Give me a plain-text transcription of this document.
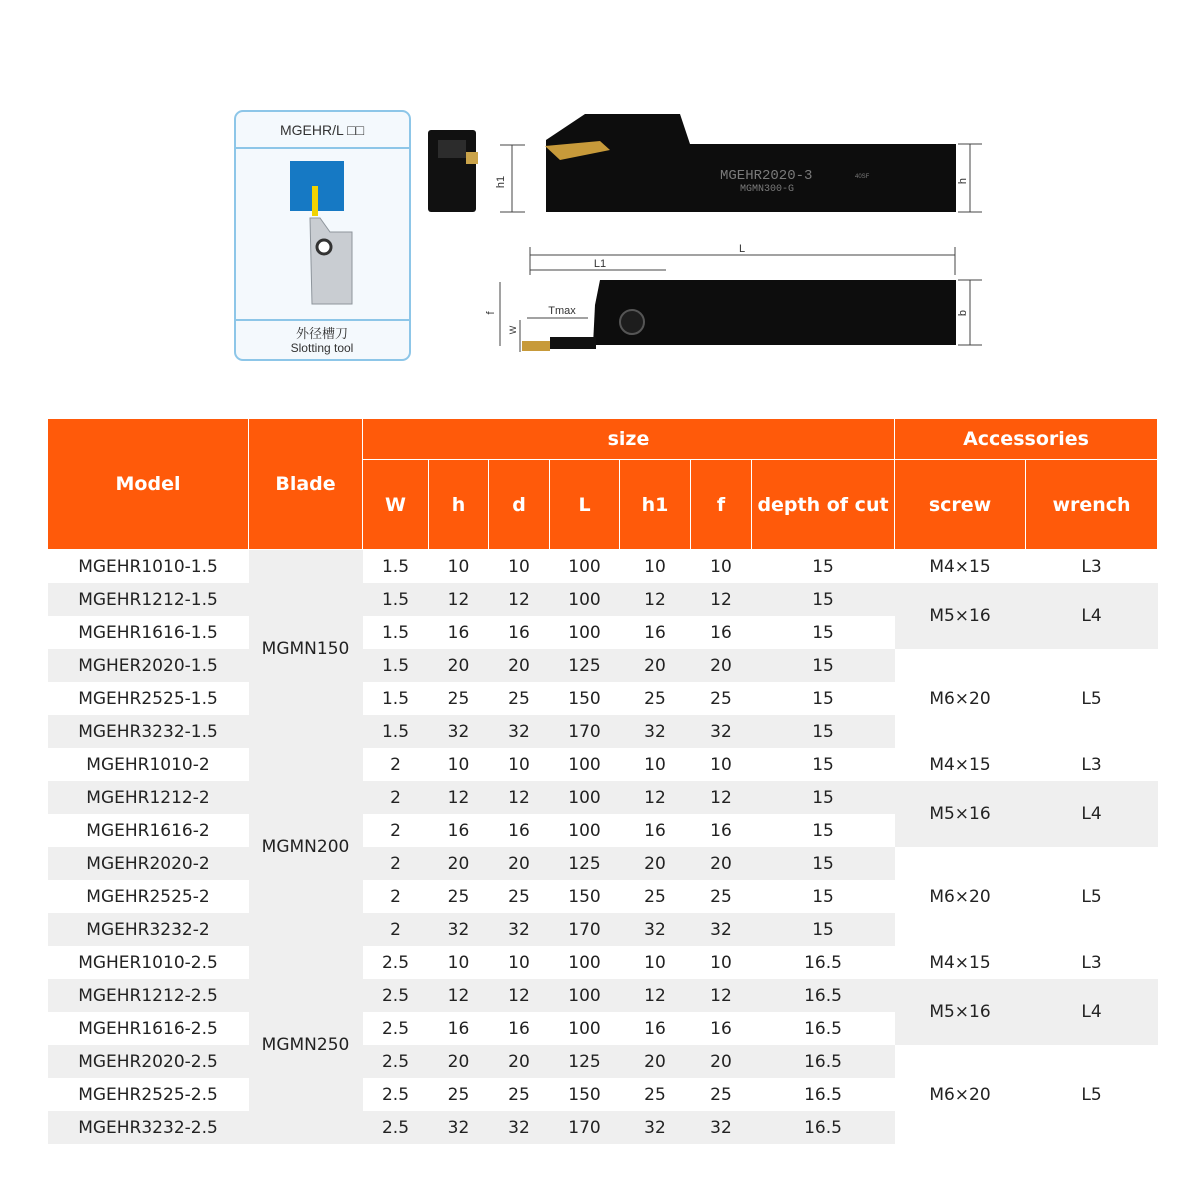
MGEHR/L □□
外径槽刀
Slotting tool
h1	MGEHR2020-3
MGMN300-G
40SF
h
L
L1
Tmax
f
W
b
Model	Blade	size							Accessories	
		W	h	d	L	h1	f	depth of cut	screw	wrench
MGEHR1010-1.5	MGMN150	1.5	10	10	100	10	10	15	M4×15	L3
MGEHR1212-1.5		1.5	12	12	100	12	12	15	M5×16	L4
MGEHR1616-1.5		1.5	16	16	100	16	16	15		
MGHER2020-1.5		1.5	20	20	125	20	20	15	M6×20	L5
MGEHR2525-1.5		1.5	25	25	150	25	25	15		
MGEHR3232-1.5		1.5	32	32	170	32	32	15		
MGEHR1010-2	MGMN200	2	10	10	100	10	10	15	M4×15	L3
MGEHR1212-2		2	12	12	100	12	12	15	M5×16	L4
MGEHR1616-2		2	16	16	100	16	16	15		
MGEHR2020-2		2	20	20	125	20	20	15	M6×20	L5
MGEHR2525-2		2	25	25	150	25	25	15		
MGEHR3232-2		2	32	32	170	32	32	15		
MGHER1010-2.5	MGMN250	2.5	10	10	100	10	10	16.5	M4×15	L3
MGEHR1212-2.5		2.5	12	12	100	12	12	16.5	M5×16	L4
MGEHR1616-2.5		2.5	16	16	100	16	16	16.5		
MGEHR2020-2.5		2.5	20	20	125	20	20	16.5	M6×20	L5
MGEHR2525-2.5		2.5	25	25	150	25	25	16.5		
MGEHR3232-2.5		2.5	32	32	170	32	32	16.5		
